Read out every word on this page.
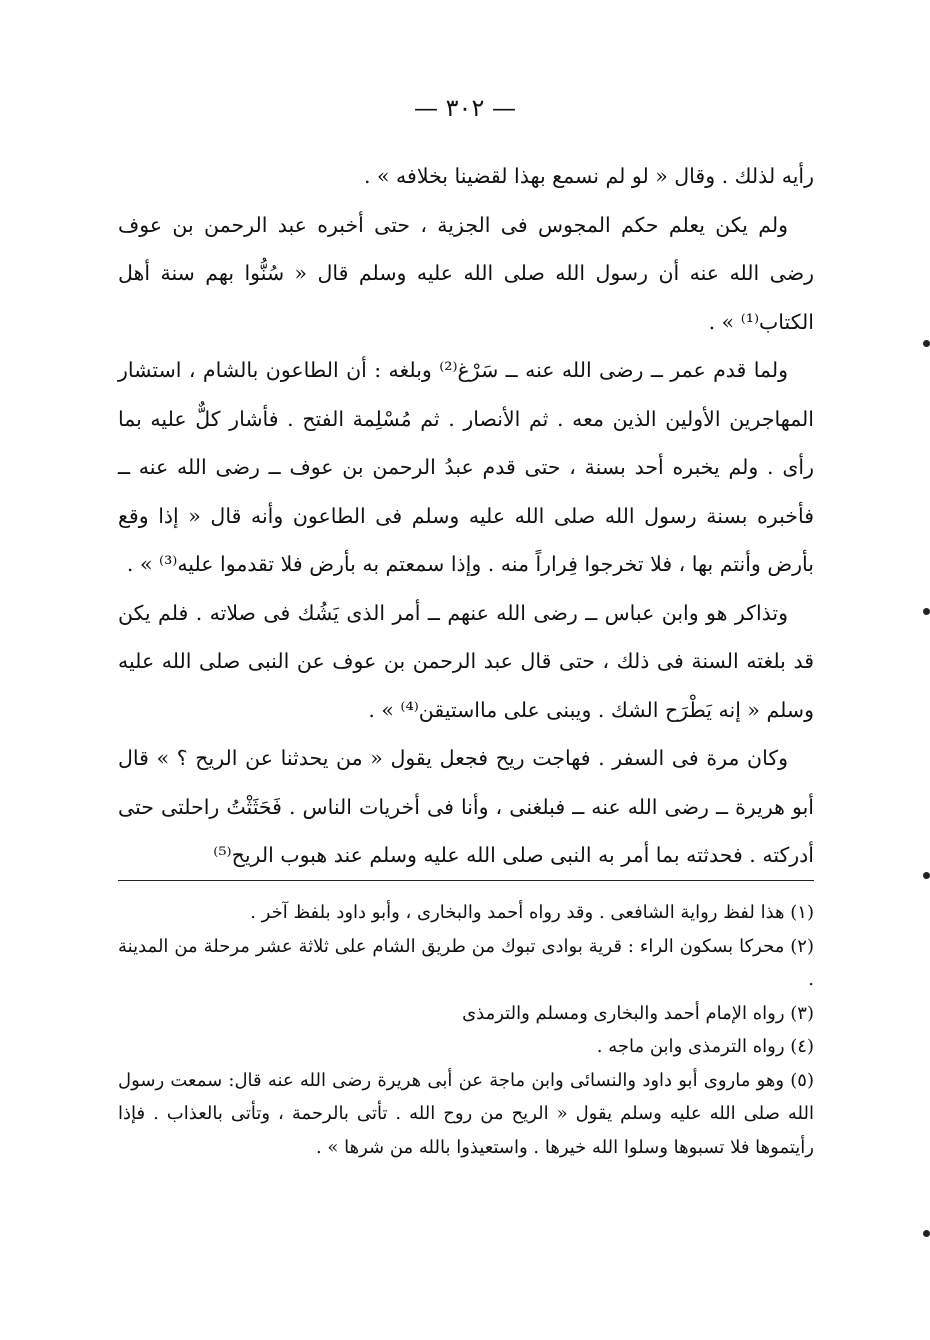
— ٣٠٢ —

رأيه لذلك . وقال « لو لم نسمع بهذا لقضينا بخلافه » .

ولم يكن يعلم حكم المجوس فى الجزية ، حتى أخبره عبد الرحمن بن عوف رضى الله عنه أن رسول الله صلى الله عليه وسلم قال « سُنُّوا بهم سنة أهل الكتاب⁽¹⁾ » .

ولما قدم عمر ــ رضى الله عنه ــ سَرْغ⁽²⁾ وبلغه : أن الطاعون بالشام ، استشار المهاجرين الأولين الذين معه . ثم الأنصار . ثم مُسْلِمة الفتح . فأشار كلٌّ عليه بما رأى . ولم يخبره أحد بسنة ، حتى قدم عبدُ الرحمن بن عوف ــ رضى الله عنه ــ فأخبره بسنة رسول الله صلى الله عليه وسلم فى الطاعون وأنه قال « إذا وقع بأرض وأنتم بها ، فلا تخرجوا فِراراً منه . وإذا سمعتم به بأرض فلا تقدموا عليه⁽³⁾ » .

وتذاكر هو وابن عباس ــ رضى الله عنهم ــ أمر الذى يَشُك فى صلاته . فلم يكن قد بلغته السنة فى ذلك ، حتى قال عبد الرحمن بن عوف عن النبى صلى الله عليه وسلم « إنه يَطْرَح الشك . ويبنى على مااستيقن⁽⁴⁾ » .

وكان مرة فى السفر . فهاجت ريح فجعل يقول « من يحدثنا عن الريح ؟ » قال أبو هريرة ــ رضى الله عنه ــ فبلغنى ، وأنا فى أخريات الناس . فَحَثَثْتُ راحلتى حتى أدركته . فحدثته بما أمر به النبى صلى الله عليه وسلم عند هبوب الريح⁽⁵⁾

(١) هذا لفظ رواية الشافعى . وقد رواه أحمد والبخارى ، وأبو داود بلفظ آخر .

(٢) محركا بسكون الراء : قرية بوادى تبوك من طريق الشام على ثلاثة عشر مرحلة من المدينة .

(٣) رواه الإمام أحمد والبخارى ومسلم والترمذى

(٤) رواه الترمذى وابن ماجه .

(٥) وهو ماروى أبو داود والنسائى وابن ماجة عن أبى هريرة رضى الله عنه قال: سمعت رسول الله صلى الله عليه وسلم يقول « الريح من روح الله . تأتى بالرحمة ، وتأتى بالعذاب . فإذا رأيتموها فلا تسبوها وسلوا الله خيرها . واستعيذوا بالله من شرها » .
